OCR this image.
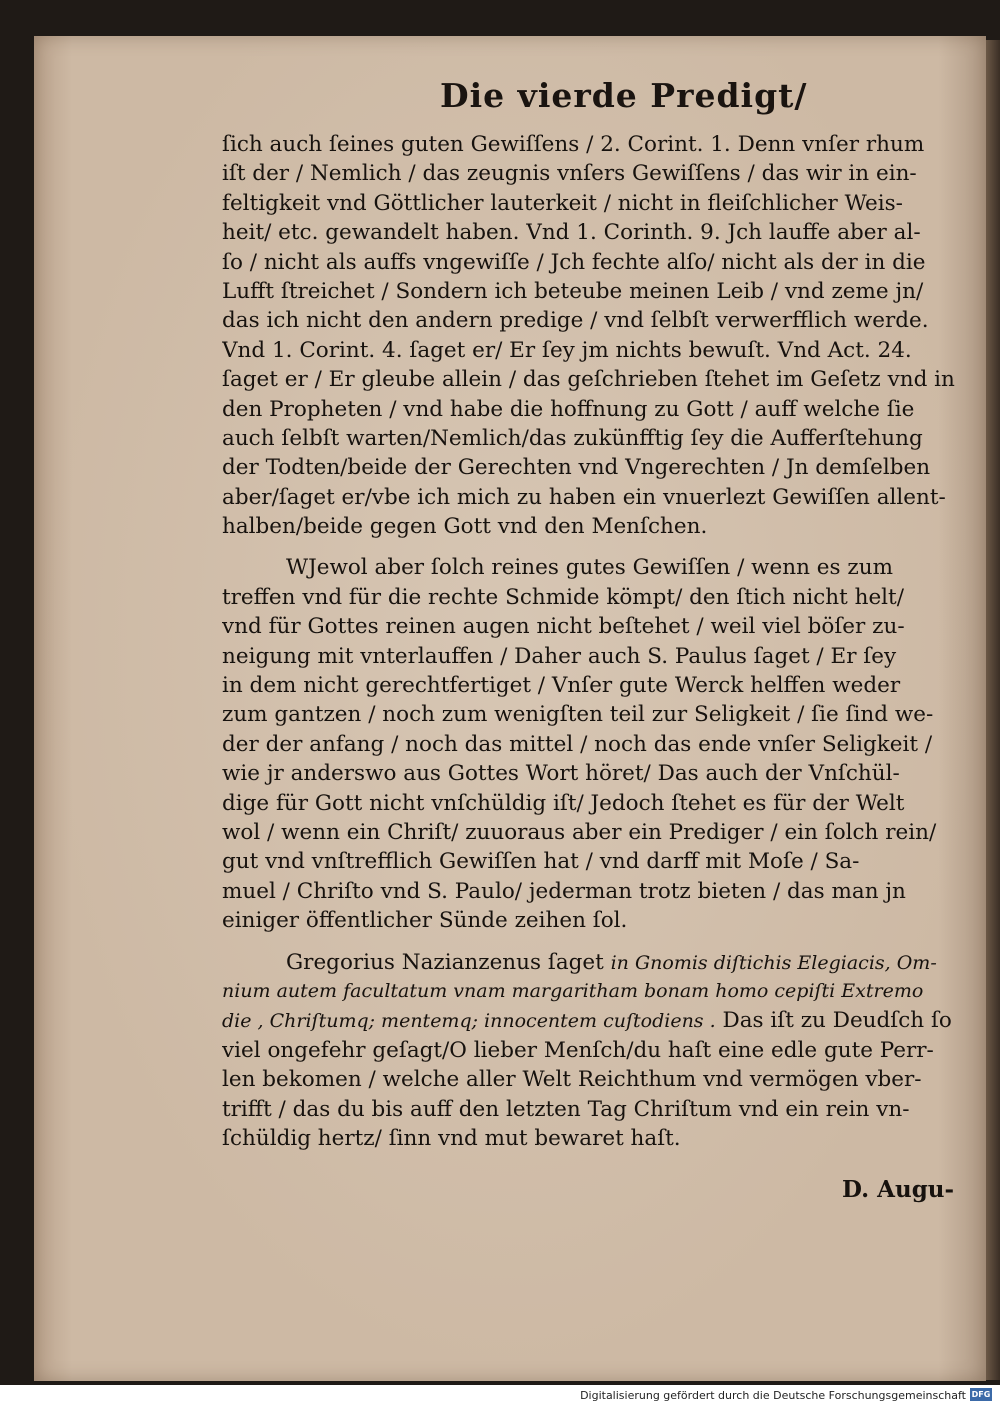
Die vierde Predigt/
ſich auch ſeines guten Gewiſſens / 2. Corint. 1. Denn vnſer rhum
iſt der / Nemlich / das zeugnis vnſers Gewiſſens / das wir in ein-
feltigkeit vnd Göttlicher lauterkeit / nicht in fleiſchlicher Weis-
heit/ etc. gewandelt haben. Vnd 1. Corinth. 9. Jch lauffe aber al-
ſo / nicht als auffs vngewiſſe / Jch fechte alſo/ nicht als der in die
Lufft ſtreichet / Sondern ich beteube meinen Leib / vnd zeme jn/
das ich nicht den andern predige / vnd ſelbſt verwerfflich werde.
Vnd 1. Corint. 4. ſaget er/ Er ſey jm nichts bewuſt. Vnd Act. 24.
ſaget er / Er gleube allein / das geſchrieben ſtehet im Geſetz vnd in
den Propheten / vnd habe die hoffnung zu Gott / auff welche ſie
auch ſelbſt warten/Nemlich/das zukünfftig ſey die Aufferſtehung
der Todten/beide der Gerechten vnd Vngerechten / Jn demſelben
aber/ſaget er/vbe ich mich zu haben ein vnuerlezt Gewiſſen allent-
halben/beide gegen Gott vnd den Menſchen.
WJewol aber ſolch reines gutes Gewiſſen / wenn es zum
treffen vnd für die rechte Schmide kömpt/ den ſtich nicht helt/
vnd für Gottes reinen augen nicht beſtehet / weil viel böſer zu-
neigung mit vnterlauffen / Daher auch S. Paulus ſaget / Er ſey
in dem nicht gerechtfertiget / Vnſer gute Werck helffen weder
zum gantzen / noch zum wenigſten teil zur Seligkeit / ſie ſind we-
der der anfang / noch das mittel / noch das ende vnſer Seligkeit /
wie jr anderswo aus Gottes Wort höret/ Das auch der Vnſchül-
dige für Gott nicht vnſchüldig iſt/ Jedoch ſtehet es für der Welt
wol / wenn ein Chriſt/ zuuoraus aber ein Prediger / ein ſolch rein/
gut vnd vnſtrefflich Gewiſſen hat / vnd darff mit Moſe / Sa-
muel / Chriſto vnd S. Paulo/ jederman trotz bieten / das man jn
einiger öffentlicher Sünde zeihen ſol.
Gregorius Nazianzenus ſaget in Gnomis diſtichis Elegiacis, Om-
nium autem facultatum vnam margaritham bonam homo cepiſti Extremo
die , Chriſtumq; mentemq; innocentem cuſtodiens . Das iſt zu Deudſch ſo
viel ongefehr geſagt/O lieber Menſch/du haſt eine edle gute Perr-
len bekomen / welche aller Welt Reichthum vnd vermögen vber-
trifft / das du bis auff den letzten Tag Chriſtum vnd ein rein vn-
ſchüldig hertz/ ſinn vnd mut bewaret haſt.
D. Augu-
Digitalisierung gefördert durch die Deutsche Forschungsgemeinschaft DFG
